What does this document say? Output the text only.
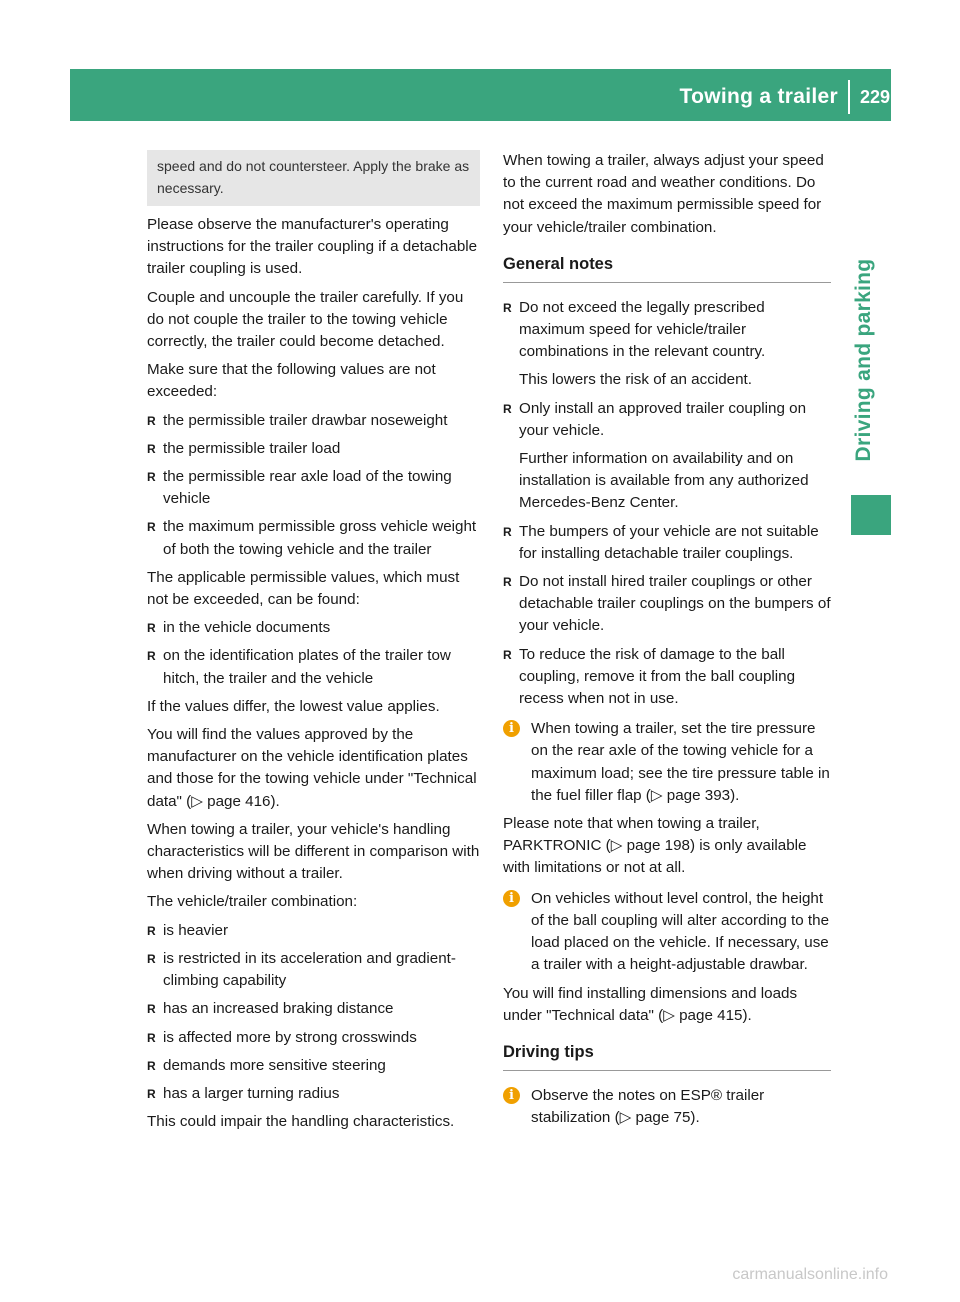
Towing a trailer	229
Driving and parking
speed and do not countersteer. Apply the brake as necessary.

Please observe the manufacturer's operating instructions for the trailer coupling if a detachable trailer coupling is used.

Couple and uncouple the trailer carefully. If you do not couple the trailer to the towing vehicle correctly, the trailer could become detached.

Make sure that the following values are not exceeded:

R the permissible trailer drawbar noseweight
R the permissible trailer load
R the permissible rear axle load of the towing vehicle
R the maximum permissible gross vehicle weight of both the towing vehicle and the trailer

The applicable permissible values, which must not be exceeded, can be found:

R in the vehicle documents
R on the identification plates of the trailer tow hitch, the trailer and the vehicle

If the values differ, the lowest value applies.

You will find the values approved by the manufacturer on the vehicle identification plates and those for the towing vehicle under "Technical data" (▷ page 416).

When towing a trailer, your vehicle's handling characteristics will be different in comparison with when driving without a trailer.

The vehicle/trailer combination:

R is heavier
R is restricted in its acceleration and gradient-climbing capability
R has an increased braking distance
R is affected more by strong crosswinds
R demands more sensitive steering
R has a larger turning radius

This could impair the handling characteristics.

When towing a trailer, always adjust your speed to the current road and weather conditions. Do not exceed the maximum permissible speed for your vehicle/trailer combination.

General notes
R Do not exceed the legally prescribed maximum speed for vehicle/trailer combinations in the relevant country.

This lowers the risk of an accident.

R Only install an approved trailer coupling on your vehicle.

Further information on availability and on installation is available from any authorized Mercedes-Benz Center.

R The bumpers of your vehicle are not suitable for installing detachable trailer couplings.
R Do not install hired trailer couplings or other detachable trailer couplings on the bumpers of your vehicle.
R To reduce the risk of damage to the ball coupling, remove it from the ball coupling recess when not in use.
i	When towing a trailer, set the tire pressure on the rear axle of the towing vehicle for a maximum load; see the tire pressure table in the fuel filler flap (▷ page 393).

Please note that when towing a trailer, PARKTRONIC (▷ page 198) is only available with limitations or not at all.

i	On vehicles without level control, the height of the ball coupling will alter according to the load placed on the vehicle. If necessary, use a trailer with a height-adjustable drawbar.

You will find installing dimensions and loads under "Technical data" (▷ page 415).

Driving tips
i	Observe the notes on ESP® trailer stabilization (▷ page 75).
carmanualsonline.info
